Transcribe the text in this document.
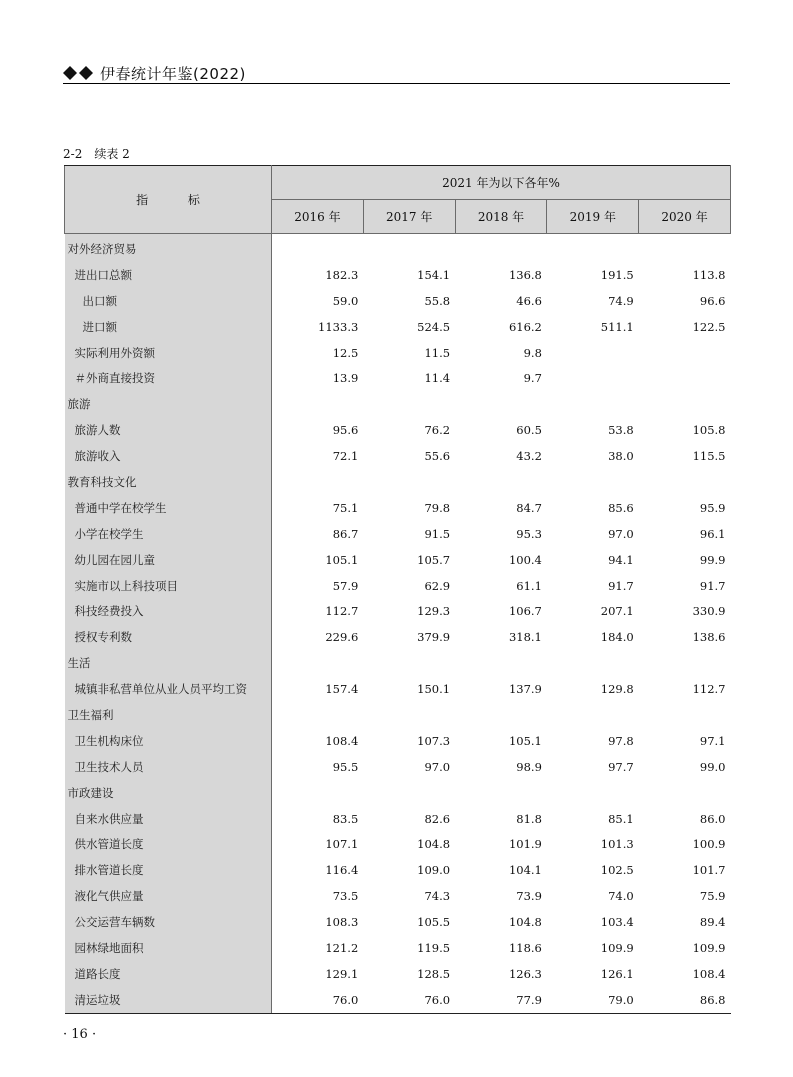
伊春统计年鉴(2022)
2-2　续表 2
指 标	2021 年为以下各年%				
	2016 年	2017 年	2018 年	2019 年	2020 年
对外经济贸易					
进出口总额	182.3	154.1	136.8	191.5	113.8
出口额	59.0	55.8	46.6	74.9	96.6
进口额	1133.3	524.5	616.2	511.1	122.5
实际利用外资额	12.5	11.5	9.8		
＃外商直接投资	13.9	11.4	9.7		
旅游					
旅游人数	95.6	76.2	60.5	53.8	105.8
旅游收入	72.1	55.6	43.2	38.0	115.5
教育科技文化					
普通中学在校学生	75.1	79.8	84.7	85.6	95.9
小学在校学生	86.7	91.5	95.3	97.0	96.1
幼儿园在园儿童	105.1	105.7	100.4	94.1	99.9
实施市以上科技项目	57.9	62.9	61.1	91.7	91.7
科技经费投入	112.7	129.3	106.7	207.1	330.9
授权专利数	229.6	379.9	318.1	184.0	138.6
生活					
城镇非私营单位从业人员平均工资	157.4	150.1	137.9	129.8	112.7
卫生福利					
卫生机构床位	108.4	107.3	105.1	97.8	97.1
卫生技术人员	95.5	97.0	98.9	97.7	99.0
市政建设					
自来水供应量	83.5	82.6	81.8	85.1	86.0
供水管道长度	107.1	104.8	101.9	101.3	100.9
排水管道长度	116.4	109.0	104.1	102.5	101.7
液化气供应量	73.5	74.3	73.9	74.0	75.9
公交运营车辆数	108.3	105.5	104.8	103.4	89.4
园林绿地面积	121.2	119.5	118.6	109.9	109.9
道路长度	129.1	128.5	126.3	126.1	108.4
清运垃圾	76.0	76.0	77.9	79.0	86.8
· 16 ·
